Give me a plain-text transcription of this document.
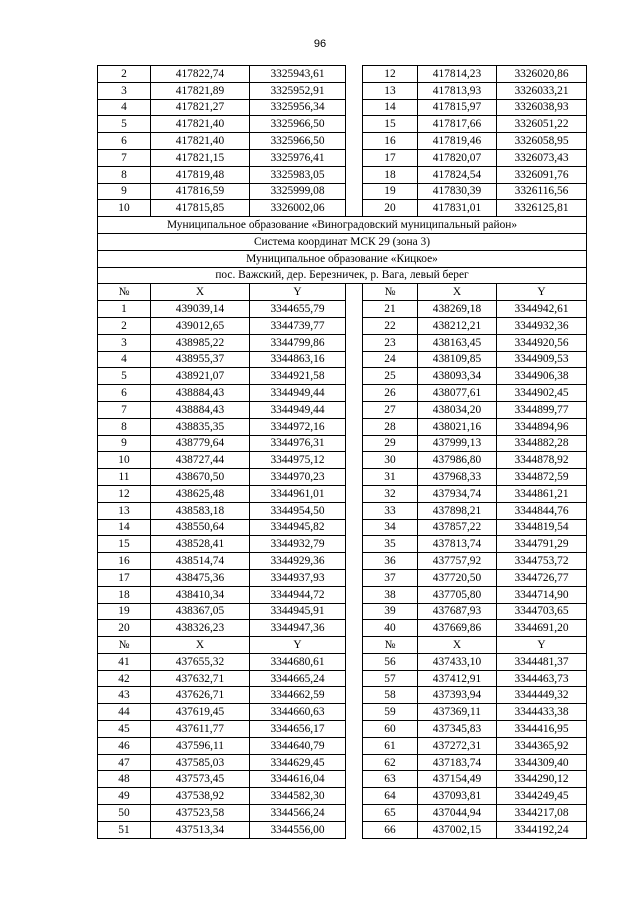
96
2	417822,74	3325943,61		12	417814,23	3326020,86
3	417821,89	3325952,91		13	417813,93	3326033,21
4	417821,27	3325956,34		14	417815,97	3326038,93
5	417821,40	3325966,50		15	417817,66	3326051,22
6	417821,40	3325966,50		16	417819,46	3326058,95
7	417821,15	3325976,41		17	417820,07	3326073,43
8	417819,48	3325983,05		18	417824,54	3326091,76
9	417816,59	3325999,08		19	417830,39	3326116,56
10	417815,85	3326002,06		20	417831,01	3326125,81
Муниципальное образование «Виноградовский муниципальный район»						
Система координат МСК 29 (зона 3)						
Муниципальное образование «Кицкое»						
пос. Важский, дер. Березничек, р. Вага, левый берег						
№	X	Y		№	X	Y
1	439039,14	3344655,79		21	438269,18	3344942,61
2	439012,65	3344739,77		22	438212,21	3344932,36
3	438985,22	3344799,86		23	438163,45	3344920,56
4	438955,37	3344863,16		24	438109,85	3344909,53
5	438921,07	3344921,58		25	438093,34	3344906,38
6	438884,43	3344949,44		26	438077,61	3344902,45
7	438884,43	3344949,44		27	438034,20	3344899,77
8	438835,35	3344972,16		28	438021,16	3344894,96
9	438779,64	3344976,31		29	437999,13	3344882,28
10	438727,44	3344975,12		30	437986,80	3344878,92
11	438670,50	3344970,23		31	437968,33	3344872,59
12	438625,48	3344961,01		32	437934,74	3344861,21
13	438583,18	3344954,50		33	437898,21	3344844,76
14	438550,64	3344945,82		34	437857,22	3344819,54
15	438528,41	3344932,79		35	437813,74	3344791,29
16	438514,74	3344929,36		36	437757,92	3344753,72
17	438475,36	3344937,93		37	437720,50	3344726,77
18	438410,34	3344944,72		38	437705,80	3344714,90
19	438367,05	3344945,91		39	437687,93	3344703,65
20	438326,23	3344947,36		40	437669,86	3344691,20
№	X	Y		№	X	Y
41	437655,32	3344680,61		56	437433,10	3344481,37
42	437632,71	3344665,24		57	437412,91	3344463,73
43	437626,71	3344662,59		58	437393,94	3344449,32
44	437619,45	3344660,63		59	437369,11	3344433,38
45	437611,77	3344656,17		60	437345,83	3344416,95
46	437596,11	3344640,79		61	437272,31	3344365,92
47	437585,03	3344629,45		62	437183,74	3344309,40
48	437573,45	3344616,04		63	437154,49	3344290,12
49	437538,92	3344582,30		64	437093,81	3344249,45
50	437523,58	3344566,24		65	437044,94	3344217,08
51	437513,34	3344556,00		66	437002,15	3344192,24
